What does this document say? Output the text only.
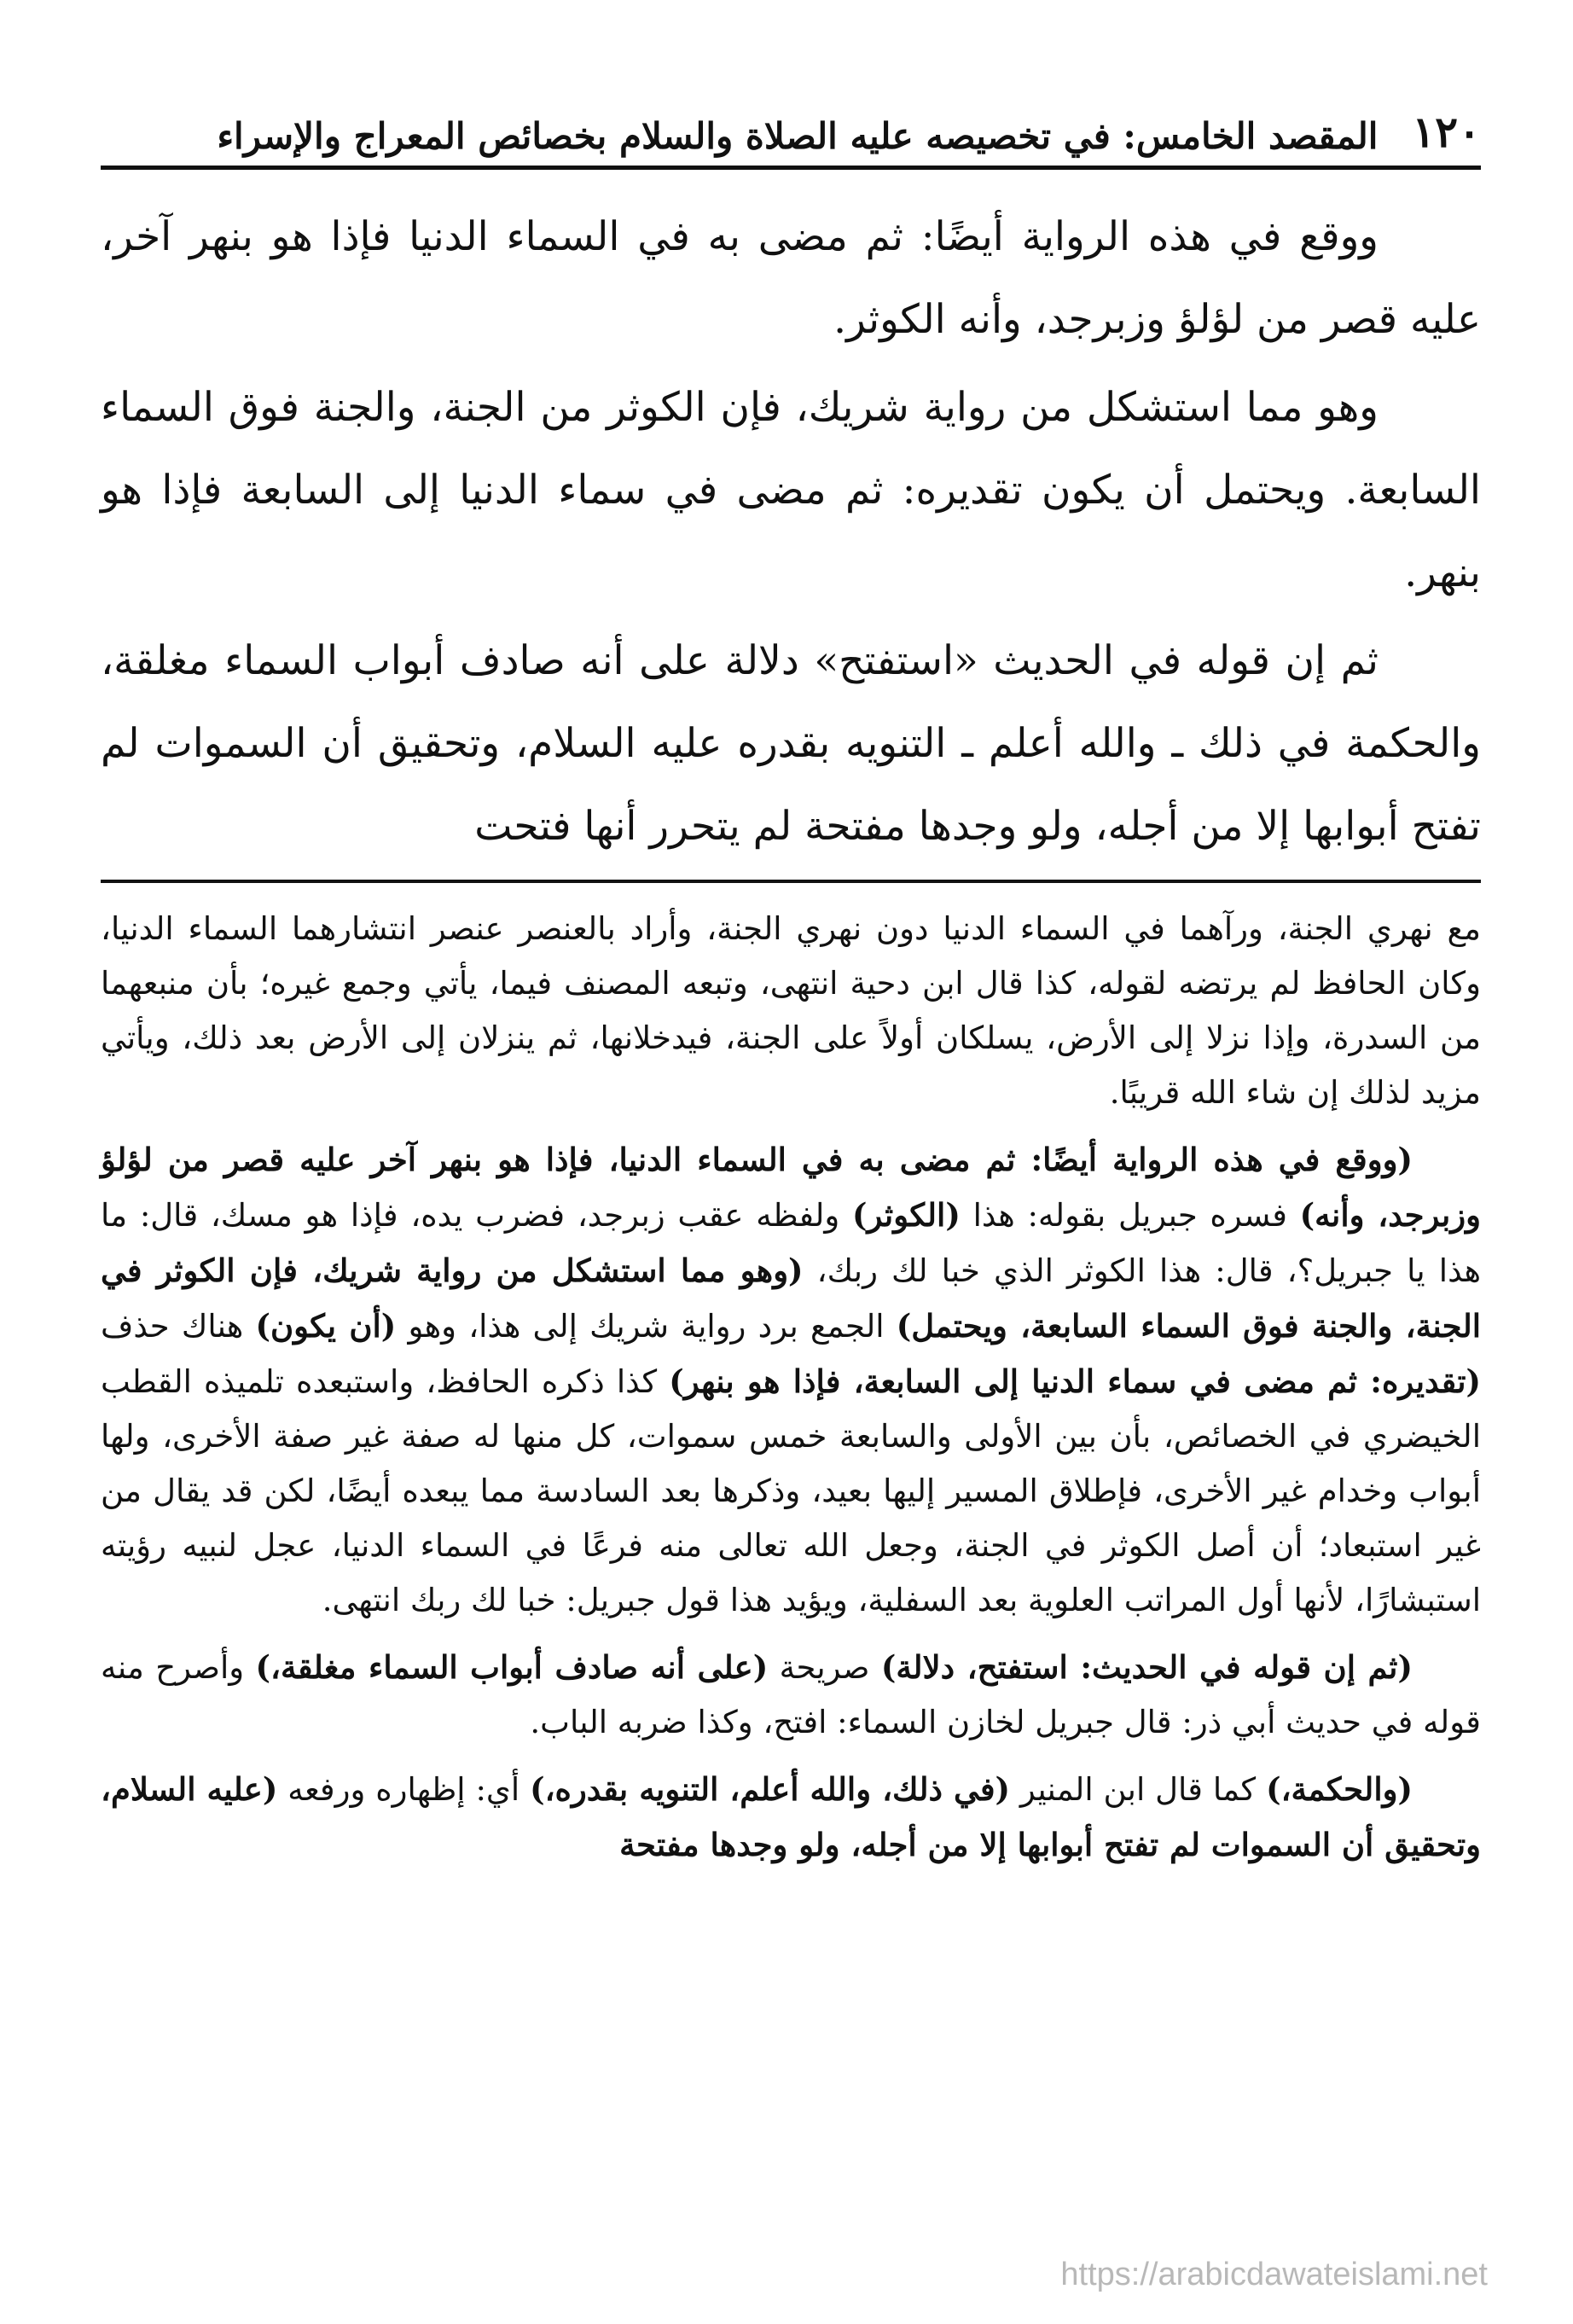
١٢٠
المقصد الخامس: في تخصيصه عليه الصلاة والسلام بخصائص المعراج والإسراء

ووقع في هذه الرواية أيضًا: ثم مضى به في السماء الدنيا فإذا هو بنهر آخر، عليه قصر من لؤلؤ وزبرجد، وأنه الكوثر.

وهو مما استشكل من رواية شريك، فإن الكوثر من الجنة، والجنة فوق السماء السابعة. ويحتمل أن يكون تقديره: ثم مضى في سماء الدنيا إلى السابعة فإذا هو بنهر.

ثم إن قوله في الحديث «استفتح» دلالة على أنه صادف أبواب السماء مغلقة، والحكمة في ذلك ـ والله أعلم ـ التنويه بقدره عليه السلام، وتحقيق أن السموات لم تفتح أبوابها إلا من أجله، ولو وجدها مفتحة لم يتحرر أنها فتحت

مع نهري الجنة، ورآهما في السماء الدنيا دون نهري الجنة، وأراد بالعنصر عنصر انتشارهما السماء الدنيا، وكان الحافظ لم يرتضه لقوله، كذا قال ابن دحية انتهى، وتبعه المصنف فيما، يأتي وجمع غيره؛ بأن منبعهما من السدرة، وإذا نزلا إلى الأرض، يسلكان أولاً على الجنة، فيدخلانها، ثم ينزلان إلى الأرض بعد ذلك، ويأتي مزيد لذلك إن شاء الله قريبًا.

(ووقع في هذه الرواية أيضًا: ثم مضى به في السماء الدنيا، فإذا هو بنهر آخر عليه قصر من لؤلؤ وزبرجد، وأنه) فسره جبريل بقوله: هذا (الكوثر) ولفظه عقب زبرجد، فضرب يده، فإذا هو مسك، قال: ما هذا يا جبريل؟، قال: هذا الكوثر الذي خبا لك ربك، (وهو مما استشكل من رواية شريك، فإن الكوثر في الجنة، والجنة فوق السماء السابعة، ويحتمل) الجمع برد رواية شريك إلى هذا، وهو (أن يكون) هناك حذف (تقديره: ثم مضى في سماء الدنيا إلى السابعة، فإذا هو بنهر) كذا ذكره الحافظ، واستبعده تلميذه القطب الخيضري في الخصائص، بأن بين الأولى والسابعة خمس سموات، كل منها له صفة غير صفة الأخرى، ولها أبواب وخدام غير الأخرى، فإطلاق المسير إليها بعيد، وذكرها بعد السادسة مما يبعده أيضًا، لكن قد يقال من غير استبعاد؛ أن أصل الكوثر في الجنة، وجعل الله تعالى منه فرعًا في السماء الدنيا، عجل لنبيه رؤيته استبشارًا، لأنها أول المراتب العلوية بعد السفلية، ويؤيد هذا قول جبريل: خبا لك ربك انتهى.

(ثم إن قوله في الحديث: استفتح، دلالة) صريحة (على أنه صادف أبواب السماء مغلقة،) وأصرح منه قوله في حديث أبي ذر: قال جبريل لخازن السماء: افتح، وكذا ضربه الباب.

(والحكمة،) كما قال ابن المنير (في ذلك، والله أعلم، التنويه بقدره،) أي: إظهاره ورفعه (عليه السلام، وتحقيق أن السموات لم تفتح أبوابها إلا من أجله، ولو وجدها مفتحة

https://arabicdawateislami.net
